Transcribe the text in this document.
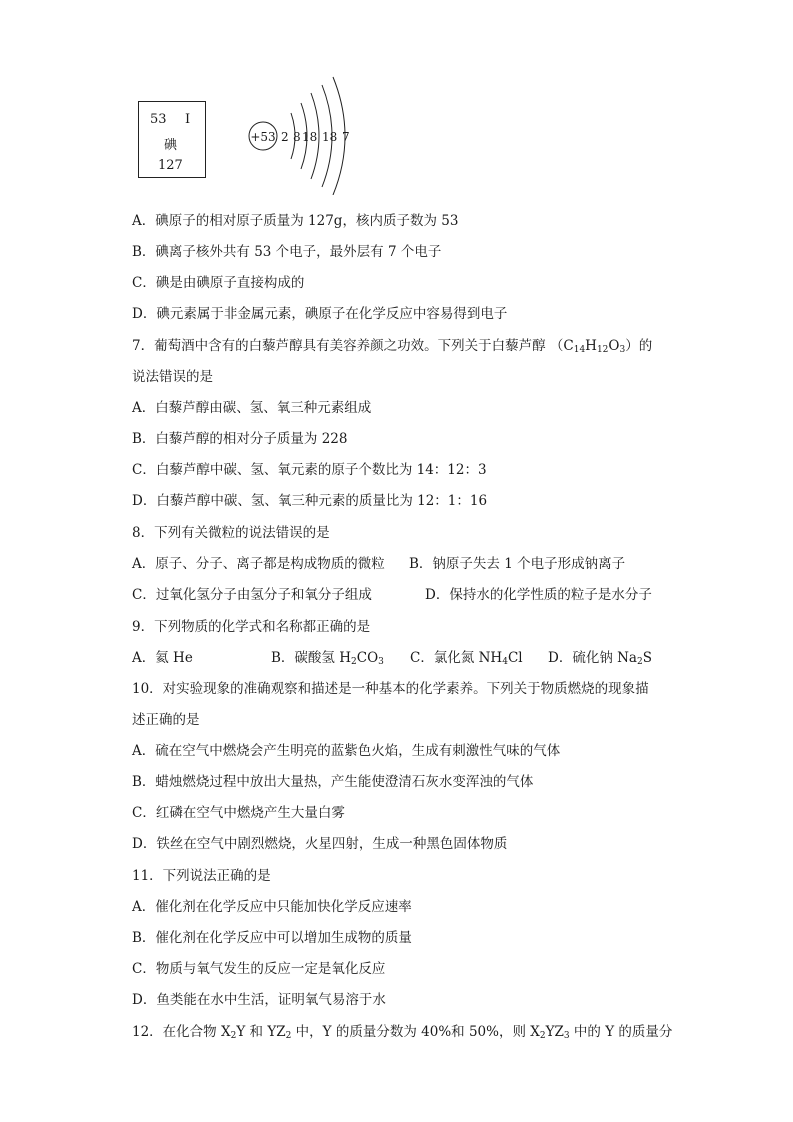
53 I
碘
127
+53 2 8 18 18 7
A．碘原子的相对原子质量为 127g，核内质子数为 53
B．碘离子核外共有 53 个电子，最外层有 7 个电子
C．碘是由碘原子直接构成的
D．碘元素属于非金属元素，碘原子在化学反应中容易得到电子
7．葡萄酒中含有的白藜芦醇具有美容养颜之功效。下列关于白藜芦醇 $(C_{14}H_{12}O_3)$的
说法错误的是
A．白藜芦醇由碳、氢、氧三种元素组成
B．白藜芦醇的相对分子质量为 228
C．白藜芦醇中碳、氢、氧元素的原子个数比为 14：12：3
D．白藜芦醇中碳、氢、氧三种元素的质量比为 12：1：16
8．下列有关微粒的说法错误的是
A．原子、分子、离子都是构成物质的微粒 B．钠原子失去 1 个电子形成钠离子
C．过氧化氢分子由氢分子和氧分子组成	D．保持水的化学性质的粒子是水分子
9．下列物质的化学式和名称都正确的是
A．氦 He	B．碳酸氢 $H_2CO_3$ C．氯化氮 $NH_4Cl$ D．硫化钠 $Na_2S$
10．对实验现象的准确观察和描述是一种基本的化学素养。下列关于物质燃烧的现象描
述正确的是
A．硫在空气中燃烧会产生明亮的蓝紫色火焰，生成有刺激性气味的气体
B．蜡烛燃烧过程中放出大量热，产生能使澄清石灰水变浑浊的气体
C．红磷在空气中燃烧产生大量白雾
D．铁丝在空气中剧烈燃烧，火星四射，生成一种黑色固体物质
11．下列说法正确的是
A．催化剂在化学反应中只能加快化学反应速率
B．催化剂在化学反应中可以增加生成物的质量
C．物质与氧气发生的反应一定是氧化反应
D．鱼类能在水中生活，证明氧气易溶于水
12．在化合物 $X_2Y$ 和 $YZ_2$ 中，Y 的质量分数为 40%和 50%，则 $X_2YZ_3$ 中的 Y 的质量分
